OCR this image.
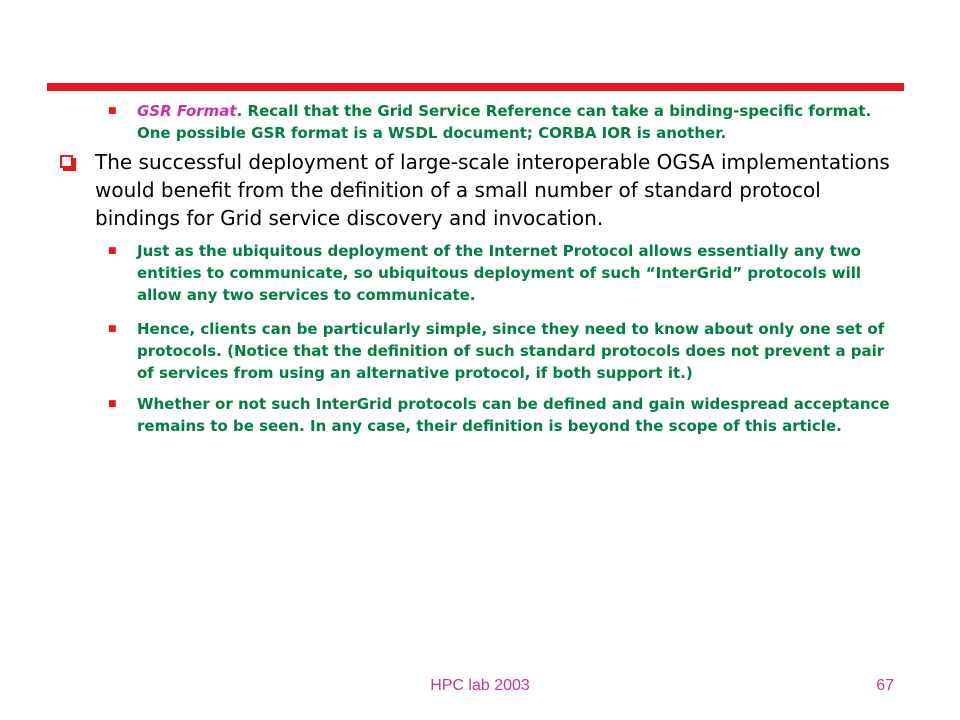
■ GSR Format. Recall that the Grid Service Reference can take a binding-specific format. One possible GSR format is a WSDL document; CORBA IOR is another.
The successful deployment of large-scale interoperable OGSA implementations would benefit from the definition of a small number of standard protocol bindings for Grid service discovery and invocation.
■ Just as the ubiquitous deployment of the Internet Protocol allows essentially any two entities to communicate, so ubiquitous deployment of such “InterGrid” protocols will allow any two services to communicate.
■ Hence, clients can be particularly simple, since they need to know about only one set of protocols. (Notice that the definition of such standard protocols does not prevent a pair of services from using an alternative protocol, if both support it.)
■ Whether or not such InterGrid protocols can be defined and gain widespread acceptance remains to be seen. In any case, their definition is beyond the scope of this article.
HPC lab 2003	67
